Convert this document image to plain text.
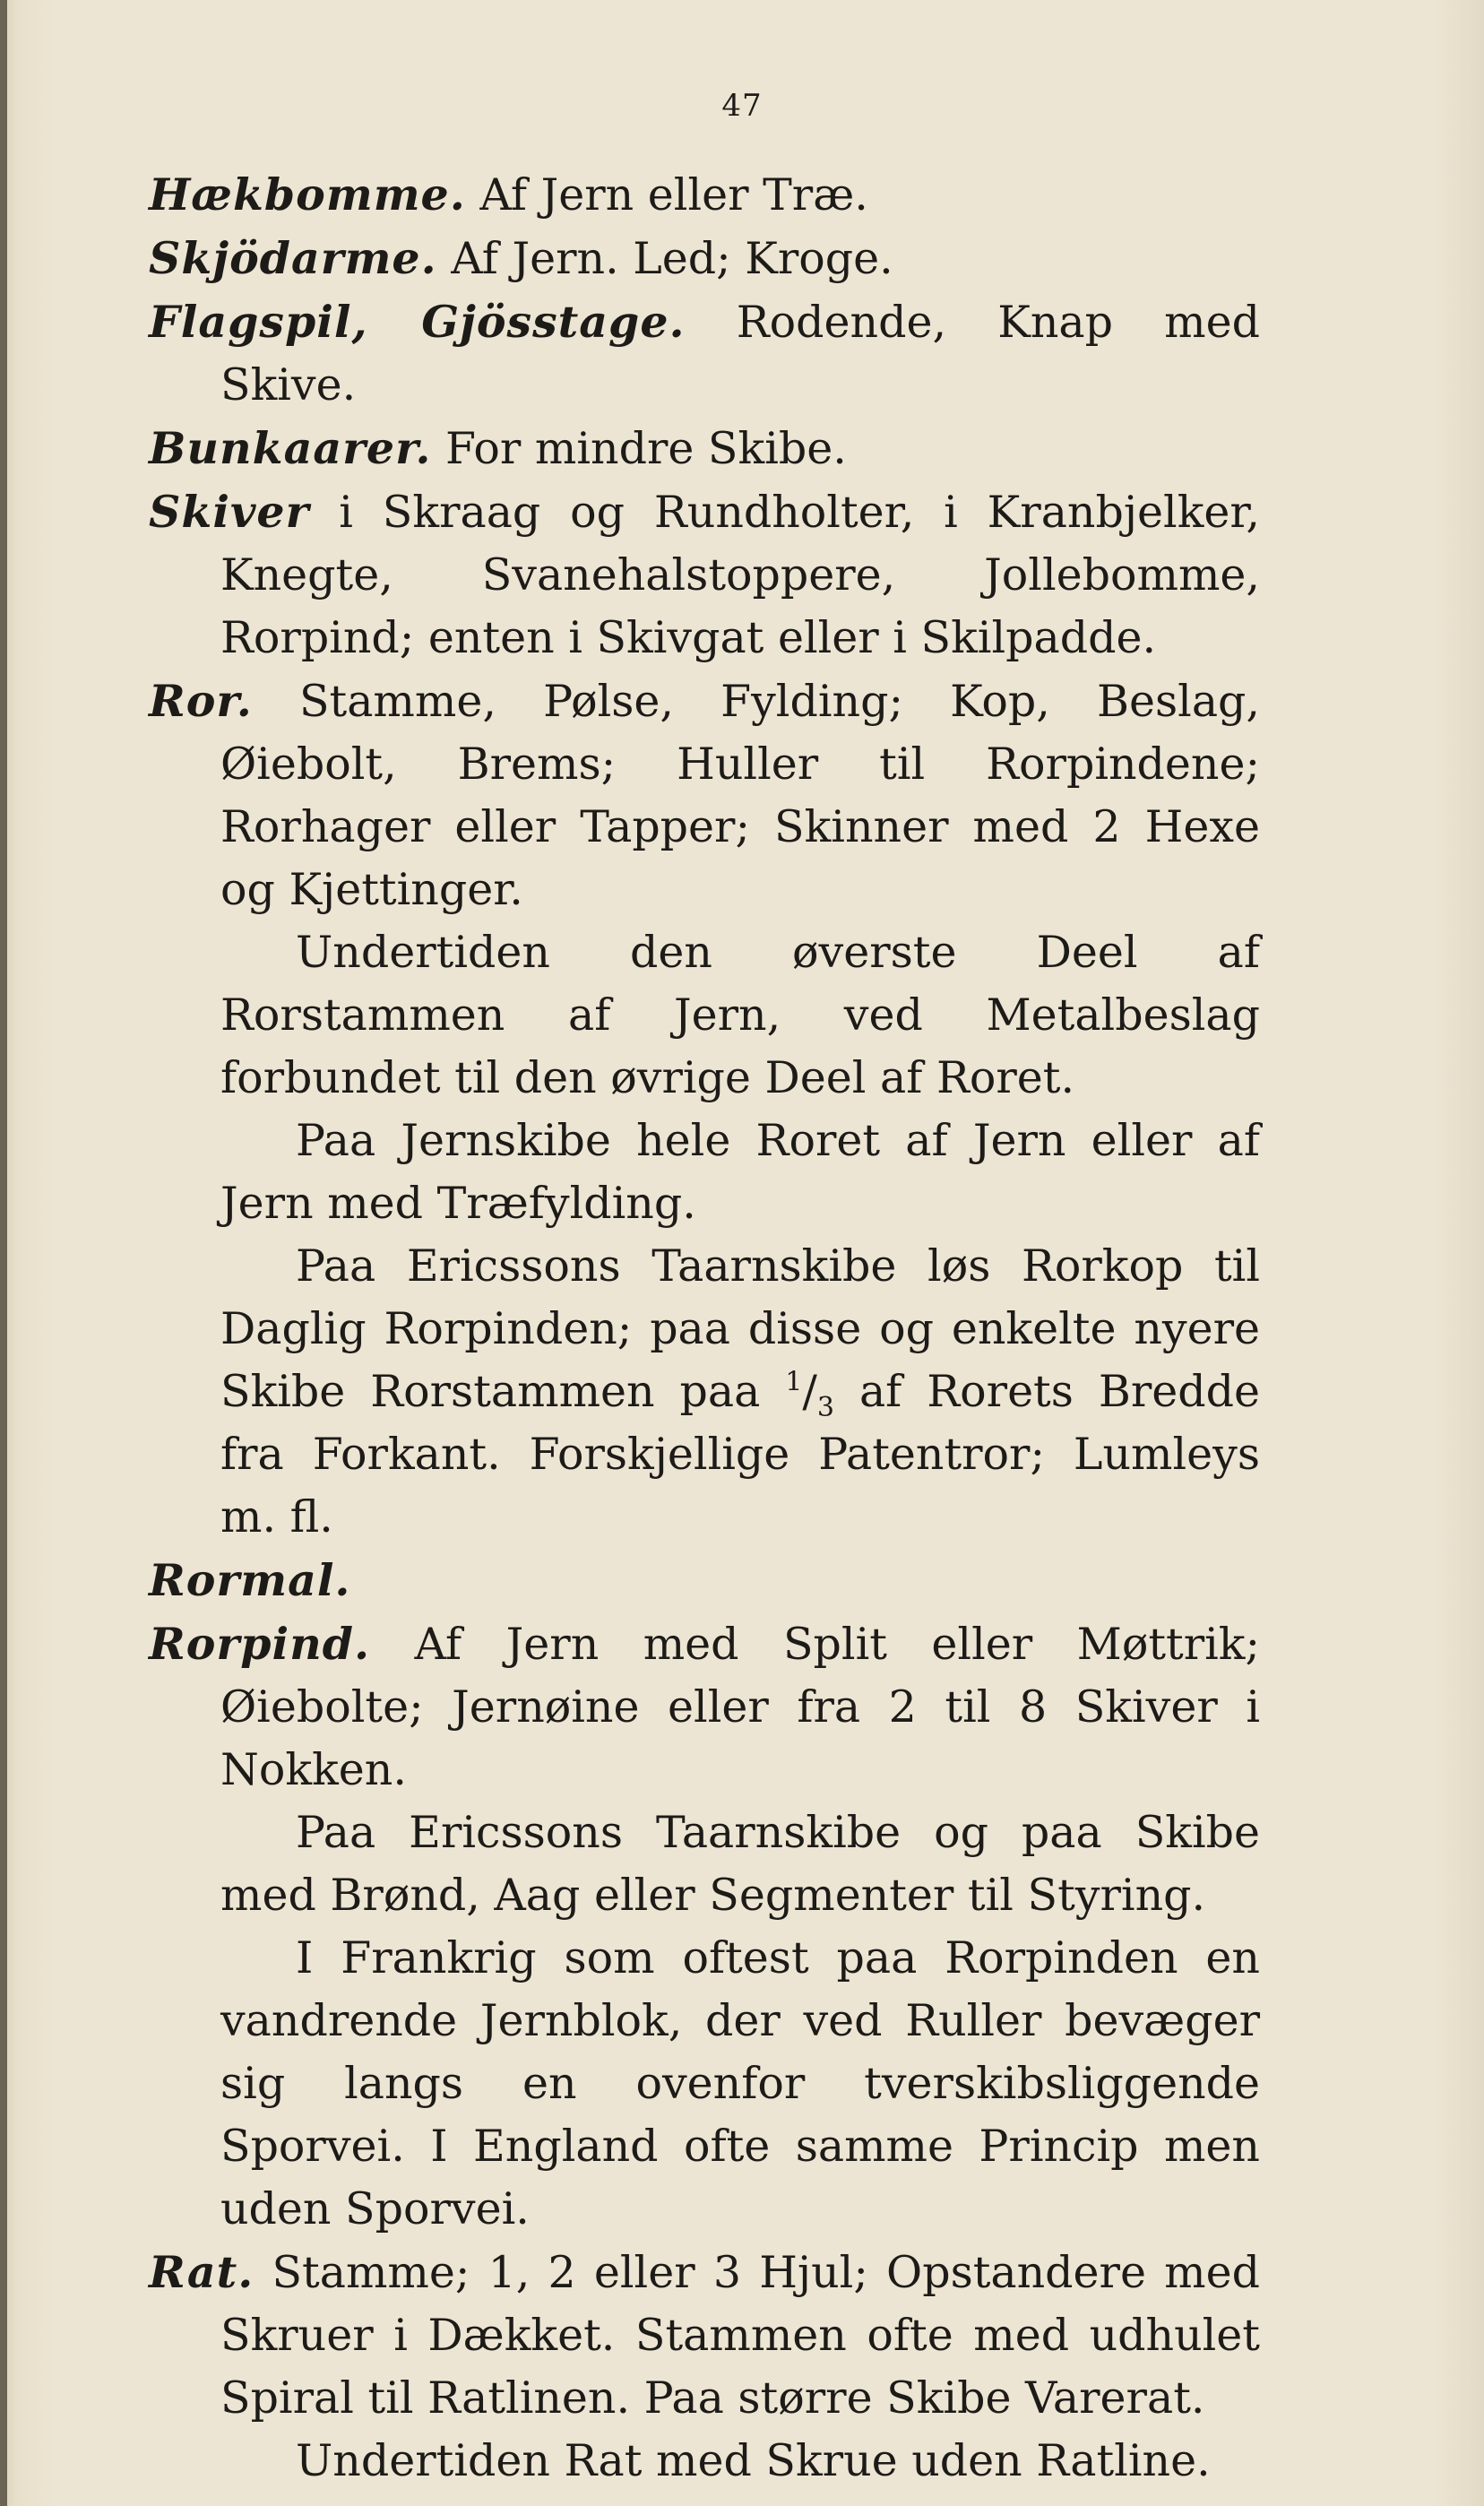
47

Hækbomme. Af Jern eller Træ.

Skjödarme. Af Jern. Led; Kroge.

Flagspil, Gjösstage. Rodende, Knap med Skive.

Bunkaarer. For mindre Skibe.

Skiver i Skraag og Rundholter, i Kranbjelker, Knegte, Svanehalstoppere, Jollebomme, Rorpind; enten i Skivgat eller i Skilpadde.

Ror. Stamme, Pølse, Fylding; Kop, Beslag, Øiebolt, Brems; Huller til Rorpindene; Rorhager eller Tapper; Skinner med 2 Hexe og Kjettinger.

Undertiden den øverste Deel af Rorstammen af Jern, ved Metalbeslag forbundet til den øvrige Deel af Roret.

Paa Jernskibe hele Roret af Jern eller af Jern med Træfylding.

Paa Ericssons Taarnskibe løs Rorkop til Daglig Rorpinden; paa disse og enkelte nyere Skibe Rorstammen paa $^1/_3$ af Rorets Bredde fra Forkant. Forskjellige Patentror; Lumleys m. fl.

Rormal.

Rorpind. Af Jern med Split eller Møttrik; Øiebolte; Jernøine eller fra 2 til 8 Skiver i Nokken.

Paa Ericssons Taarnskibe og paa Skibe med Brønd, Aag eller Segmenter til Styring.

I Frankrig som oftest paa Rorpinden en vandrende Jernblok, der ved Ruller bevæger sig langs en ovenfor tverskibsliggende Sporvei. I England ofte samme Princip men uden Sporvei.

Rat. Stamme; 1, 2 eller 3 Hjul; Opstandere med Skruer i Dækket. Stammen ofte med udhulet Spiral til Ratlinen. Paa større Skibe Varerat.

Undertiden Rat med Skrue uden Ratline.
